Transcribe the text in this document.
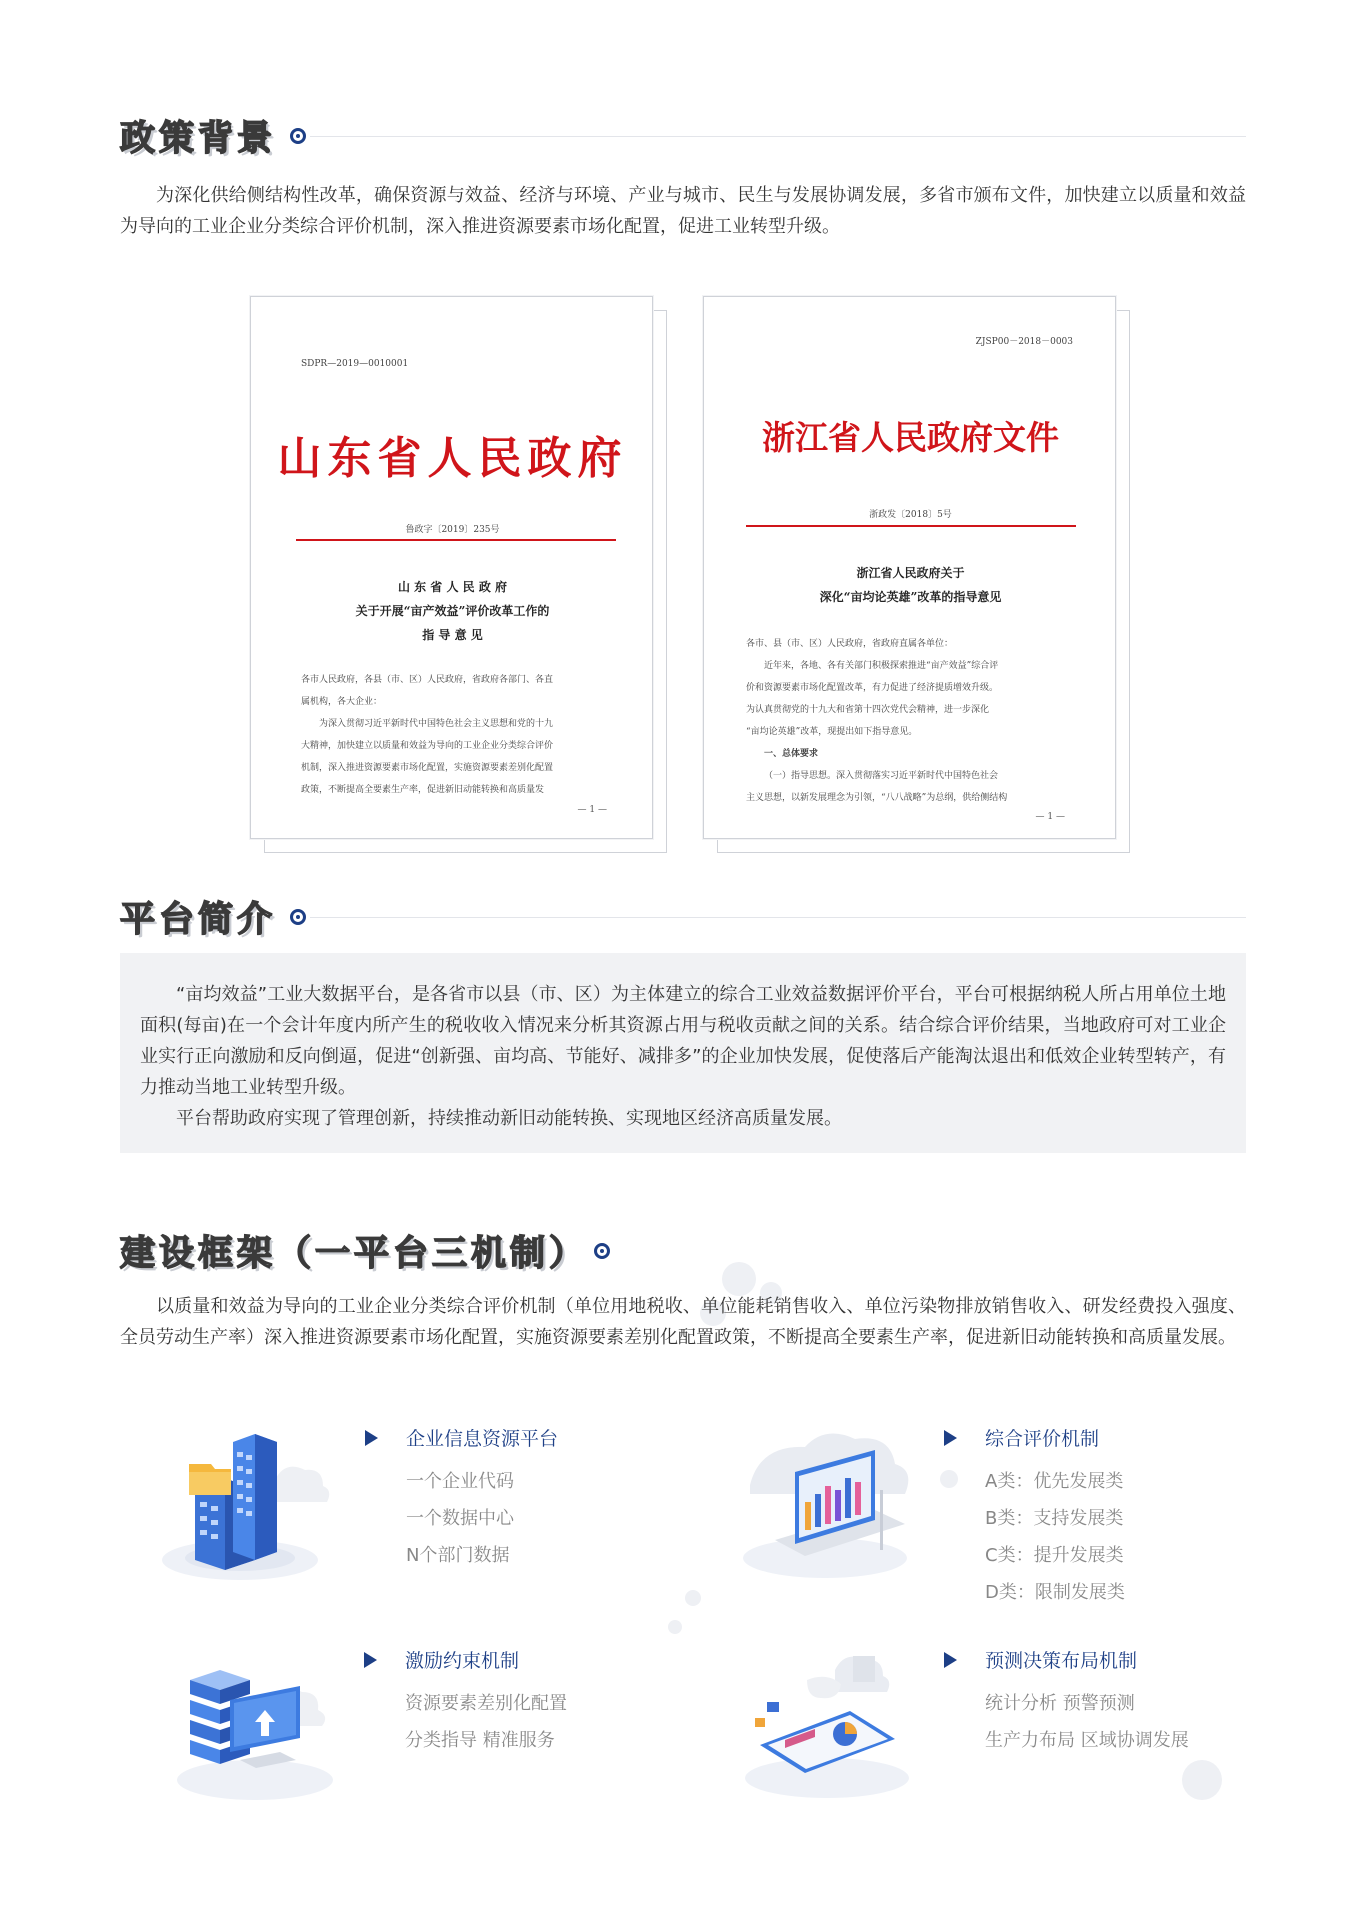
政策背景

为深化供给侧结构性改革，确保资源与效益、经济与环境、产业与城市、民生与发展协调发展，多省市颁布文件，加快建立以质量和效益为导向的工业企业分类综合评价机制，深入推进资源要素市场化配置，促进工业转型升级。

SDPR—2019—0010001
山东省人民政府
鲁政字〔2019〕235号
山 东 省 人 民 政 府
关于开展“亩产效益”评价改革工作的
指 导 意 见
各市人民政府，各县（市、区）人民政府，省政府各部门、各直
属机构，各大企业：
为深入贯彻习近平新时代中国特色社会主义思想和党的十九
大精神，加快建立以质量和效益为导向的工业企业分类综合评价
机制，深入推进资源要素市场化配置，实施资源要素差别化配置
政策，不断提高全要素生产率，促进新旧动能转换和高质量发
— 1 —
ZJSP00－2018－0003
浙江省人民政府文件
浙政发〔2018〕5号
浙江省人民政府关于
深化“亩均论英雄”改革的指导意见
各市、县（市、区）人民政府，省政府直属各单位：
近年来，各地、各有关部门积极探索推进“亩产效益”综合评
价和资源要素市场化配置改革，有力促进了经济提质增效升级。
为认真贯彻党的十九大和省第十四次党代会精神，进一步深化
“亩均论英雄”改革，现提出如下指导意见。
一、总体要求
（一）指导思想。深入贯彻落实习近平新时代中国特色社会
主义思想，以新发展理念为引领，“八八战略”为总纲，供给侧结构
— 1 —
平台简介

“亩均效益”工业大数据平台，是各省市以县（市、区）为主体建立的综合工业效益数据评价平台，平台可根据纳税人所占用单位土地面积(每亩)在一个会计年度内所产生的税收收入情况来分析其资源占用与税收贡献之间的关系。结合综合评价结果，当地政府可对工业企业实行正向激励和反向倒逼，促进“创新强、亩均高、节能好、减排多”的企业加快发展，促使落后产能淘汰退出和低效企业转型转产，有力推动当地工业转型升级。

平台帮助政府实现了管理创新，持续推动新旧动能转换、实现地区经济高质量发展。

建设框架（一平台三机制）

以质量和效益为导向的工业企业分类综合评价机制（单位用地税收、单位能耗销售收入、单位污染物排放销售收入、研发经费投入强度、全员劳动生产率）深入推进资源要素市场化配置，实施资源要素差别化配置政策，不断提高全要素生产率，促进新旧动能转换和高质量发展。

企业信息资源平台
一个企业代码
一个数据中心
N个部门数据
综合评价机制
A类：优先发展类
B类：支持发展类
C类：提升发展类
D类：限制发展类
激励约束机制
资源要素差别化配置
分类指导 精准服务
预测决策布局机制
统计分析 预警预测
生产力布局 区域协调发展
